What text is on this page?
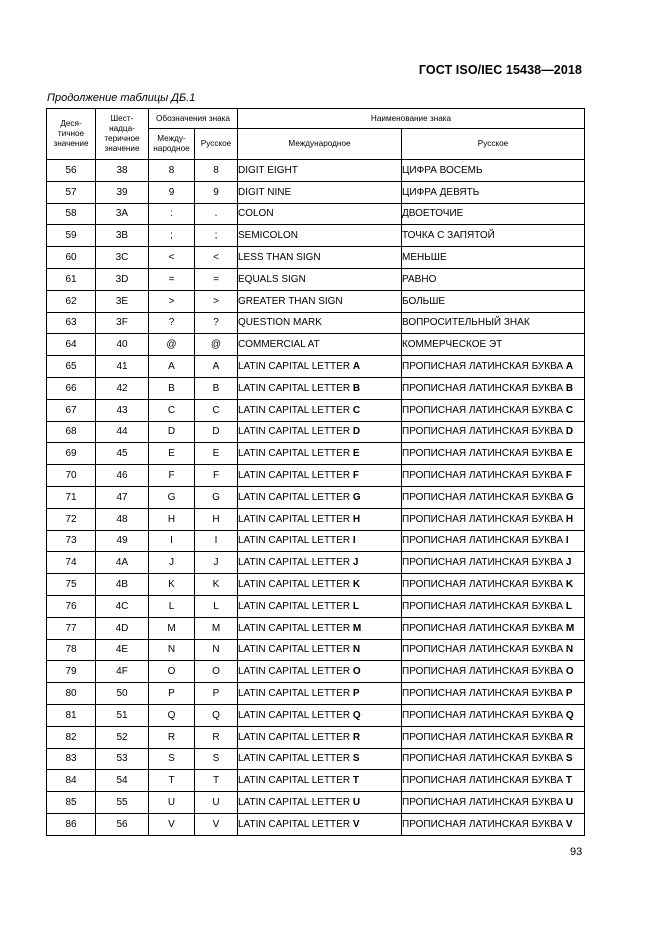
ГОСТ ISO/IEC 15438—2018
Продолжение таблицы ДБ.1
Деся-
тичное
значение	Шест-
надца-
теричное
значение	Обозначения знака		Наименование знака	
		Между-
народное	Русское	Международное	Русское
56	38	8	8	DIGIT EIGHT	ЦИФРА ВОСЕМЬ
57	39	9	9	DIGIT NINE	ЦИФРА ДЕВЯТЬ
58	3A	:	.	COLON	ДВОЕТОЧИЕ
59	3B	;	;	SEMICOLON	ТОЧКА С ЗАПЯТОЙ
60	3C	<	<	LESS THAN SIGN	МЕНЬШЕ
61	3D	=	=	EQUALS SIGN	РАВНО
62	3E	>	>	GREATER THAN SIGN	БОЛЬШЕ
63	3F	?	?	QUESTION MARK	ВОПРОСИТЕЛЬНЫЙ ЗНАК
64	40	@	@	COMMERCIAL AT	КОММЕРЧЕСКОЕ ЭТ
65	41	A	A	LATIN CAPITAL LETTER A	ПРОПИСНАЯ ЛАТИНСКАЯ БУКВА A
66	42	B	B	LATIN CAPITAL LETTER B	ПРОПИСНАЯ ЛАТИНСКАЯ БУКВА B
67	43	C	C	LATIN CAPITAL LETTER C	ПРОПИСНАЯ ЛАТИНСКАЯ БУКВА C
68	44	D	D	LATIN CAPITAL LETTER D	ПРОПИСНАЯ ЛАТИНСКАЯ БУКВА D
69	45	E	E	LATIN CAPITAL LETTER E	ПРОПИСНАЯ ЛАТИНСКАЯ БУКВА E
70	46	F	F	LATIN CAPITAL LETTER F	ПРОПИСНАЯ ЛАТИНСКАЯ БУКВА F
71	47	G	G	LATIN CAPITAL LETTER G	ПРОПИСНАЯ ЛАТИНСКАЯ БУКВА G
72	48	H	H	LATIN CAPITAL LETTER H	ПРОПИСНАЯ ЛАТИНСКАЯ БУКВА H
73	49	I	I	LATIN CAPITAL LETTER I	ПРОПИСНАЯ ЛАТИНСКАЯ БУКВА I
74	4A	J	J	LATIN CAPITAL LETTER J	ПРОПИСНАЯ ЛАТИНСКАЯ БУКВА J
75	4B	K	K	LATIN CAPITAL LETTER K	ПРОПИСНАЯ ЛАТИНСКАЯ БУКВА K
76	4C	L	L	LATIN CAPITAL LETTER L	ПРОПИСНАЯ ЛАТИНСКАЯ БУКВА L
77	4D	M	M	LATIN CAPITAL LETTER M	ПРОПИСНАЯ ЛАТИНСКАЯ БУКВА M
78	4E	N	N	LATIN CAPITAL LETTER N	ПРОПИСНАЯ ЛАТИНСКАЯ БУКВА N
79	4F	O	O	LATIN CAPITAL LETTER O	ПРОПИСНАЯ ЛАТИНСКАЯ БУКВА O
80	50	P	P	LATIN CAPITAL LETTER P	ПРОПИСНАЯ ЛАТИНСКАЯ БУКВА P
81	51	Q	Q	LATIN CAPITAL LETTER Q	ПРОПИСНАЯ ЛАТИНСКАЯ БУКВА Q
82	52	R	R	LATIN CAPITAL LETTER R	ПРОПИСНАЯ ЛАТИНСКАЯ БУКВА R
83	53	S	S	LATIN CAPITAL LETTER S	ПРОПИСНАЯ ЛАТИНСКАЯ БУКВА S
84	54	T	T	LATIN CAPITAL LETTER T	ПРОПИСНАЯ ЛАТИНСКАЯ БУКВА T
85	55	U	U	LATIN CAPITAL LETTER U	ПРОПИСНАЯ ЛАТИНСКАЯ БУКВА U
86	56	V	V	LATIN CAPITAL LETTER V	ПРОПИСНАЯ ЛАТИНСКАЯ БУКВА V
93
